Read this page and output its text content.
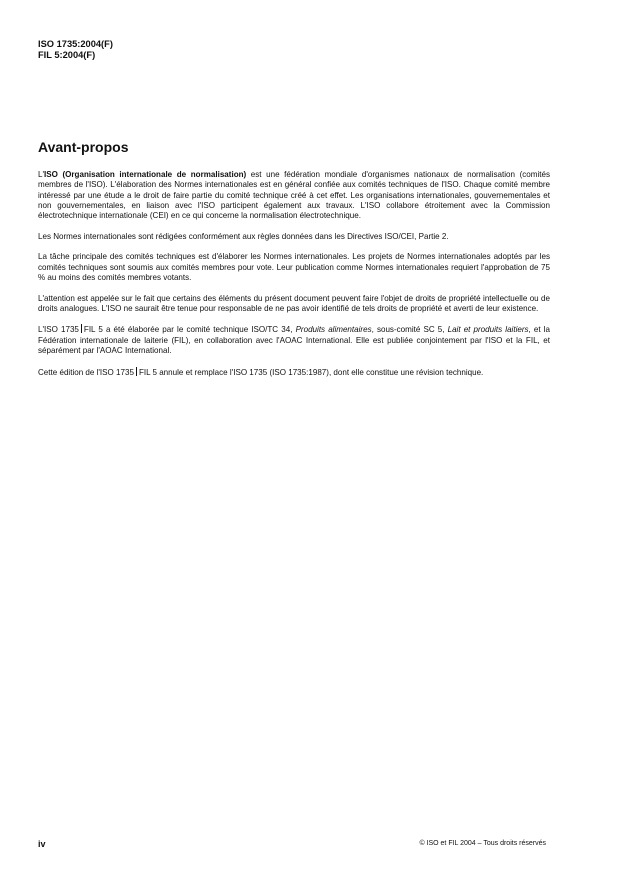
ISO 1735:2004(F)
FIL 5:2004(F)
Avant-propos

L'ISO (Organisation internationale de normalisation) est une fédération mondiale d'organismes nationaux de normalisation (comités membres de l'ISO). L'élaboration des Normes internationales est en général confiée aux comités techniques de l'ISO. Chaque comité membre intéressé par une étude a le droit de faire partie du comité technique créé à cet effet. Les organisations internationales, gouvernementales et non gouvernementales, en liaison avec l'ISO participent également aux travaux. L'ISO collabore étroitement avec la Commission électrotechnique internationale (CEI) en ce qui concerne la normalisation électrotechnique.

Les Normes internationales sont rédigées conformément aux règles données dans les Directives ISO/CEI, Partie 2.

La tâche principale des comités techniques est d'élaborer les Normes internationales. Les projets de Normes internationales adoptés par les comités techniques sont soumis aux comités membres pour vote. Leur publication comme Normes internationales requiert l'approbation de 75 % au moins des comités membres votants.

L'attention est appelée sur le fait que certains des éléments du présent document peuvent faire l'objet de droits de propriété intellectuelle ou de droits analogues. L'ISO ne saurait être tenue pour responsable de ne pas avoir identifié de tels droits de propriété et averti de leur existence.

L'ISO 1735 FIL 5 a été élaborée par le comité technique ISO/TC 34, Produits alimentaires, sous-comité SC 5, Lait et produits laitiers, et la Fédération internationale de laiterie (FIL), en collaboration avec l'AOAC International. Elle est publiée conjointement par l'ISO et la FIL, et séparément par l'AOAC International.

Cette édition de l'ISO 1735 FIL 5 annule et remplace l'ISO 1735 (ISO 1735:1987), dont elle constitue une révision technique.

iv	© ISO et FIL 2004 – Tous droits réservés
